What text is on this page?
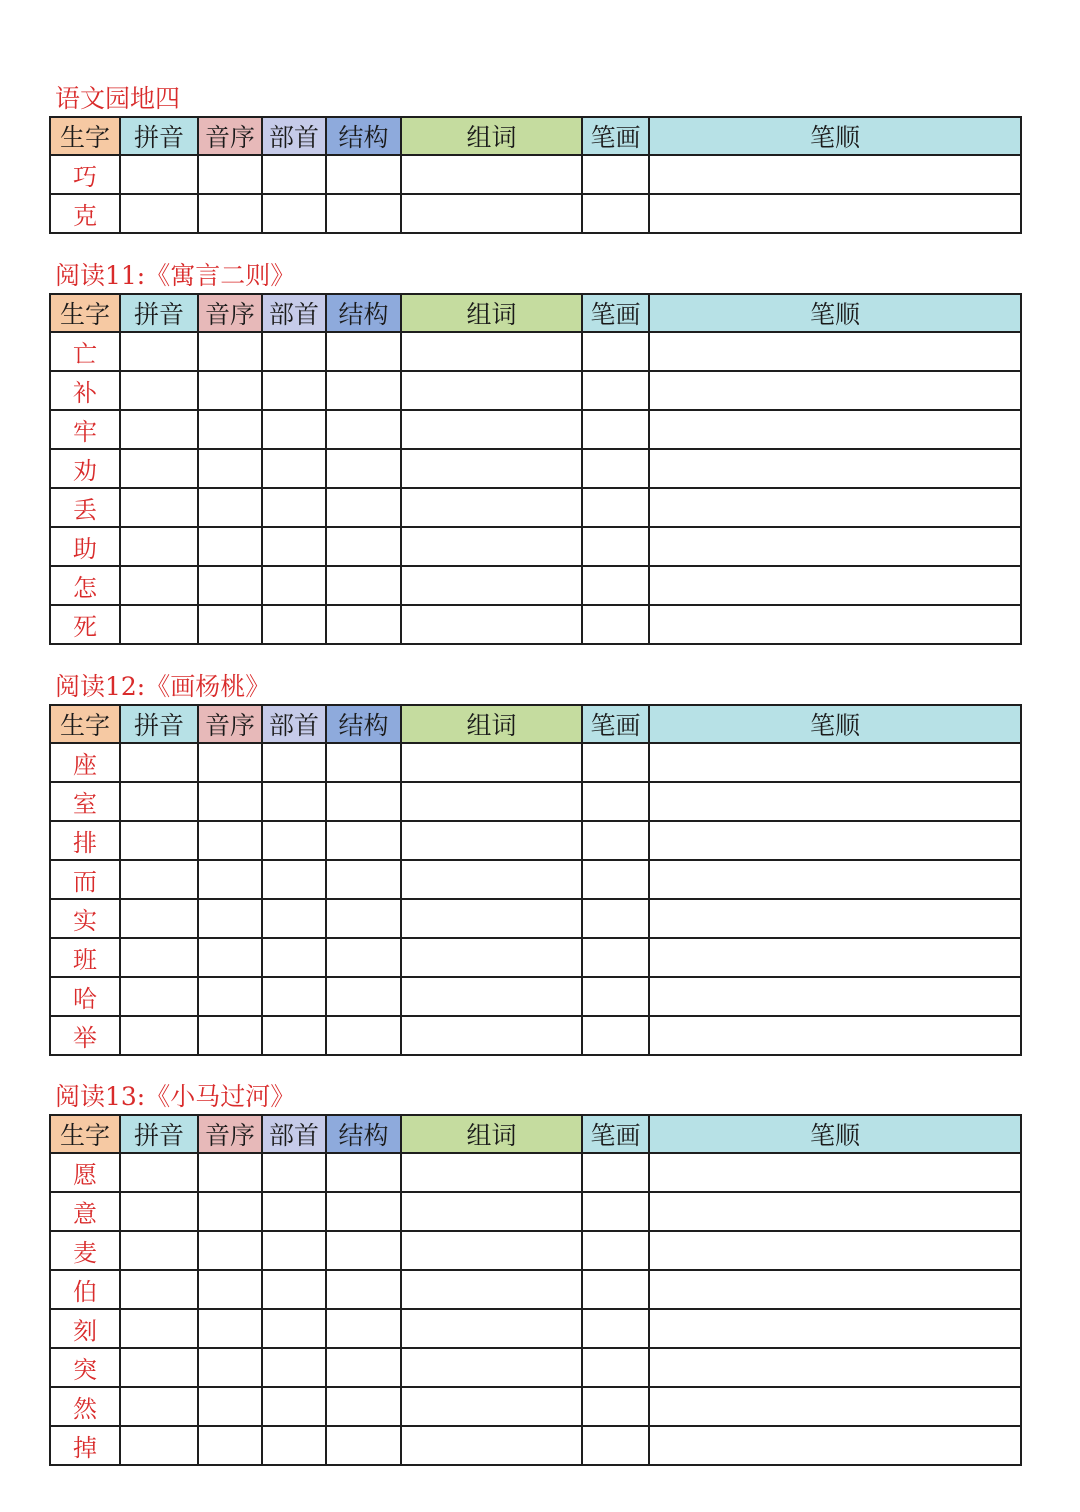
语文园地四
生字	拼音	音序	部首	结构	组词	笔画	笔顺
巧							
克							
阅读11:《寓言二则》
生字	拼音	音序	部首	结构	组词	笔画	笔顺
亡							
补							
牢							
劝							
丢							
助							
怎							
死							
阅读12:《画杨桃》
生字	拼音	音序	部首	结构	组词	笔画	笔顺
座							
室							
排							
而							
实							
班							
哈							
举							
阅读13:《小马过河》
生字	拼音	音序	部首	结构	组词	笔画	笔顺
愿							
意							
麦							
伯							
刻							
突							
然							
掉							
